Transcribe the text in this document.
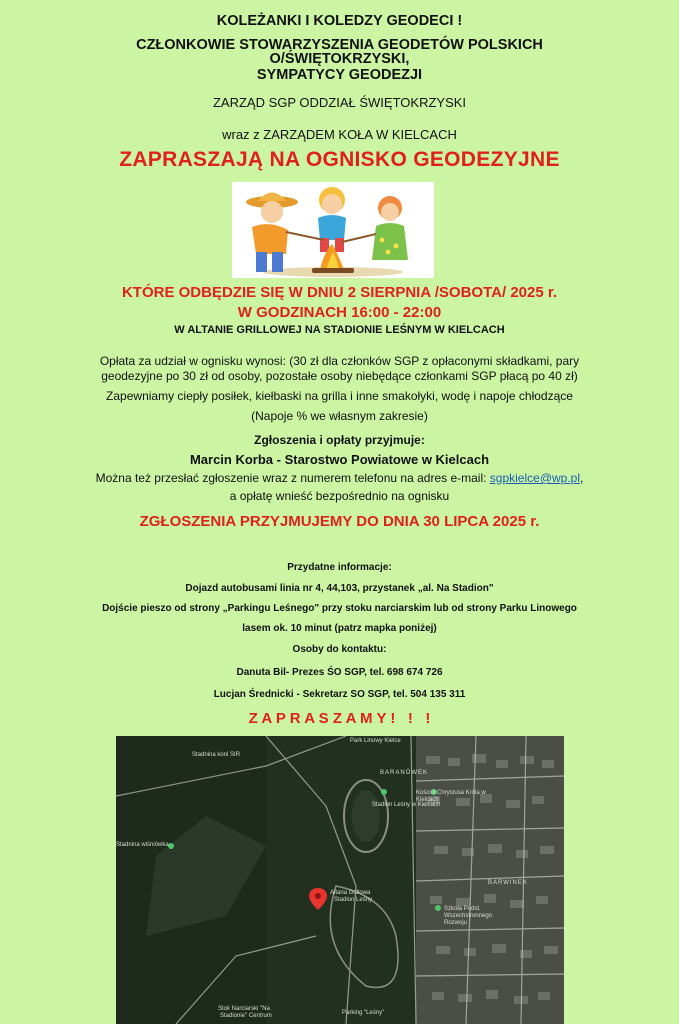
KOLEŻANKI I KOLEDZY GEODECI !
CZŁONKOWIE STOWARZYSZENIA GEODETÓW POLSKICH
O/ŚWIĘTOKRZYSKI,
SYMPATYCY GEODEZJI
ZARZĄD SGP ODDZIAŁ ŚWIĘTOKRZYSKI
wraz z ZARZĄDEM KOŁA W KIELCACH
ZAPRASZAJĄ NA OGNISKO GEODEZYJNE
KTÓRE ODBĘDZIE SIĘ W DNIU 2 SIERPNIA /SOBOTA/ 2025 r.
W GODZINACH 16:00 - 22:00
W ALTANIE GRILLOWEJ NA STADIONIE LEŚNYM W KIELCACH
Opłata za udział w ognisku wynosi: (30 zł dla członków SGP z opłaconymi składkami, pary
geodezyjne po 30 zł od osoby, pozostałe osoby niebędące członkami SGP płacą po 40 zł)
Zapewniamy ciepły posiłek, kiełbaski na grilla i inne smakołyki, wodę i napoje chłodzące
(Napoje % we własnym zakresie)
Zgłoszenia i opłaty przyjmuje:
Marcin Korba - Starostwo Powiatowe w Kielcach
Można też przesłać zgłoszenie wraz z numerem telefonu na adres e-mail: sgpkielce@wp.pl,
a opłatę wnieść bezpośrednio na ognisku
ZGŁOSZENIA PRZYJMUJEMY DO DNIA 30 LIPCA 2025 r.
Przydatne informacje:
Dojazd autobusami linia nr 4, 44,103, przystanek „al. Na Stadion"
Dojście pieszo od strony „Parkingu Leśnego" przy stoku narciarskim lub od strony Parku Linowego
lasem ok. 10 minut (patrz mapka poniżej)
Osoby do kontaktu:
Danuta Bil- Prezes ŚO SGP, tel. 698 674 726
Lucjan Średnicki - Sekretarz SO SGP, tel. 504 135 311
Z A P R A S Z A M Y !   !   !
Park Linowy Kielce
BARANÓWEK
Stadion Leśny w Kielcach
Altana Grillowa
Stadion Leśny
BARWINEK
Stok Narciarski "Na
Stadionie" Centrum	Parking "Leśny"
Stadnina koni SIR
Stadnina wiśniówka
Kościół Chrystusa Króla w Kielcach
Szkoła Podst. Wszechstronnego Rozwoju
